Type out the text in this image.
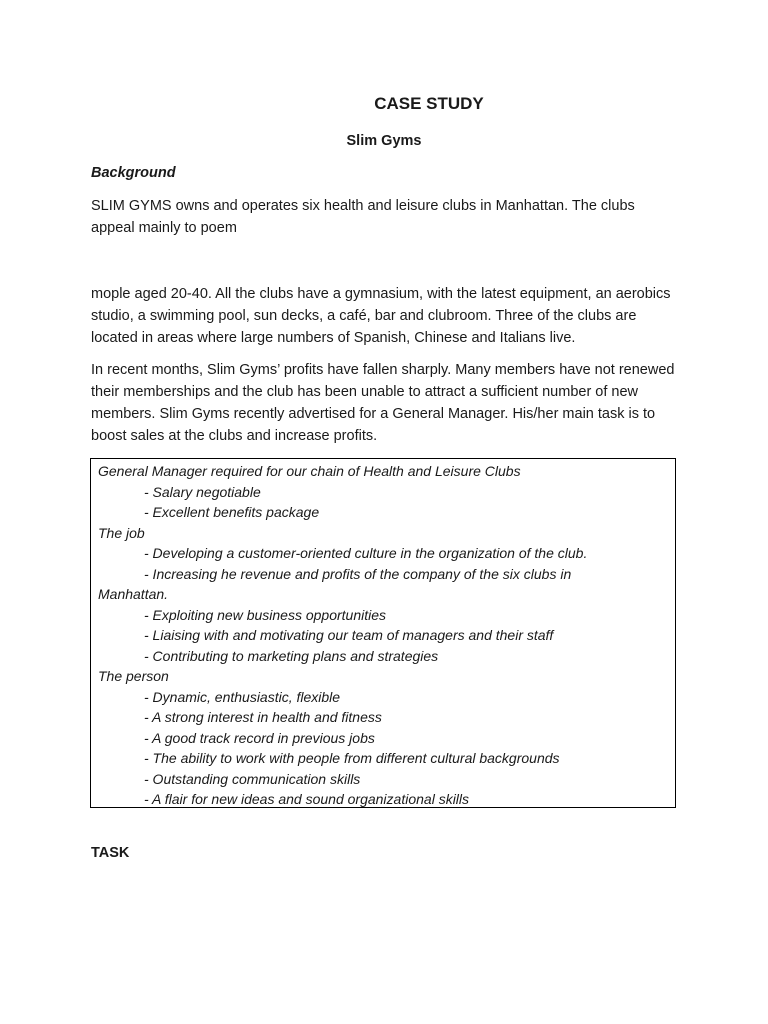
CASE STUDY
Slim Gyms
Background

SLIM GYMS owns and operates six health and leisure clubs in Manhattan. The clubs appeal mainly to poem

mople aged 20-40. All the clubs have a gymnasium, with the latest equipment, an aerobics studio, a swimming pool, sun decks, a café, bar and clubroom. Three of the clubs are located in areas where large numbers of Spanish, Chinese and Italians live.

In recent months, Slim Gyms’ profits have fallen sharply. Many members have not renewed their memberships and the club has been unable to attract a sufficient number of new members. Slim Gyms recently advertised for a General Manager. His/her main task is to boost sales at the clubs and increase profits.

General Manager required for our chain of Health and Leisure Clubs
- Salary negotiable
- Excellent benefits package
The job
- Developing a customer-oriented culture in the organization of the club.
- Increasing he revenue and profits of the company of the six clubs in
Manhattan.
- Exploiting new business opportunities
- Liaising with and motivating our team of managers and their staff
- Contributing to marketing plans and strategies
The person
- Dynamic, enthusiastic, flexible
- A strong interest in health and fitness
- A good track record in previous jobs
- The ability to work with people from different cultural backgrounds
- Outstanding communication skills
- A flair for new ideas and sound organizational skills
TASK
